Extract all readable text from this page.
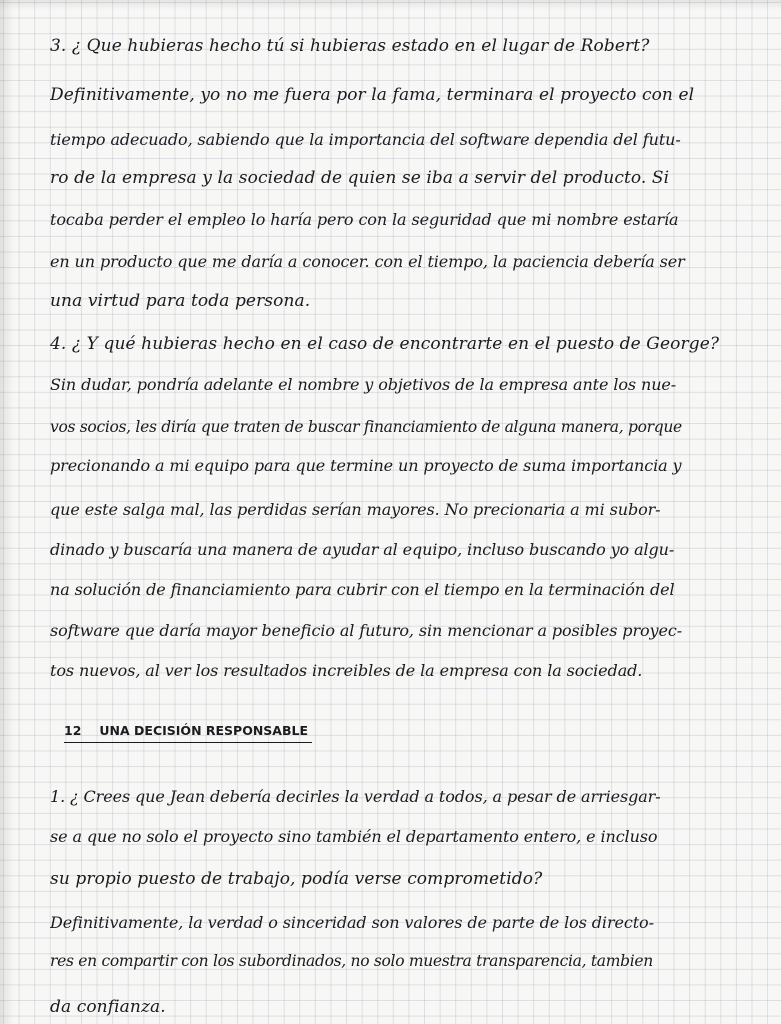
3. ¿ Que hubieras hecho tú si hubieras estado en el lugar de Robert?
Definitivamente, yo no me fuera por la fama, terminara el proyecto con el
tiempo adecuado, sabiendo que la importancia del software dependia del futu-
ro de la empresa y la sociedad de quien se iba a servir del producto. Si
tocaba perder el empleo lo haría pero con la seguridad que mi nombre estaría
en un producto que me daría a conocer. con el tiempo, la paciencia debería ser
una virtud para toda persona.
4. ¿ Y qué hubieras hecho en el caso de encontrarte en el puesto de George?
Sin dudar, pondría adelante el nombre y objetivos de la empresa ante los nue-
vos socios, les diría que traten de buscar financiamiento de alguna manera, porque
precionando a mi equipo para que termine un proyecto de suma importancia y
que este salga mal, las perdidas serían mayores. No precionaria a mi subor-
dinado y buscaría una manera de ayudar al equipo, incluso buscando yo algu-
na solución de financiamiento para cubrir con el tiempo en la terminación del
software que daría mayor beneficio al futuro, sin mencionar a posibles proyec-
tos nuevos, al ver los resultados increibles de la empresa con la sociedad.
12 UNA DECISIÓN RESPONSABLE
1. ¿ Crees que Jean debería decirles la verdad a todos, a pesar de arriesgar-
se a que no solo el proyecto sino también el departamento entero, e incluso
su propio puesto de trabajo, podía verse comprometido?
Definitivamente, la verdad o sinceridad son valores de parte de los directo-
res en compartir con los subordinados, no solo muestra transparencia, tambien
da confianza.
